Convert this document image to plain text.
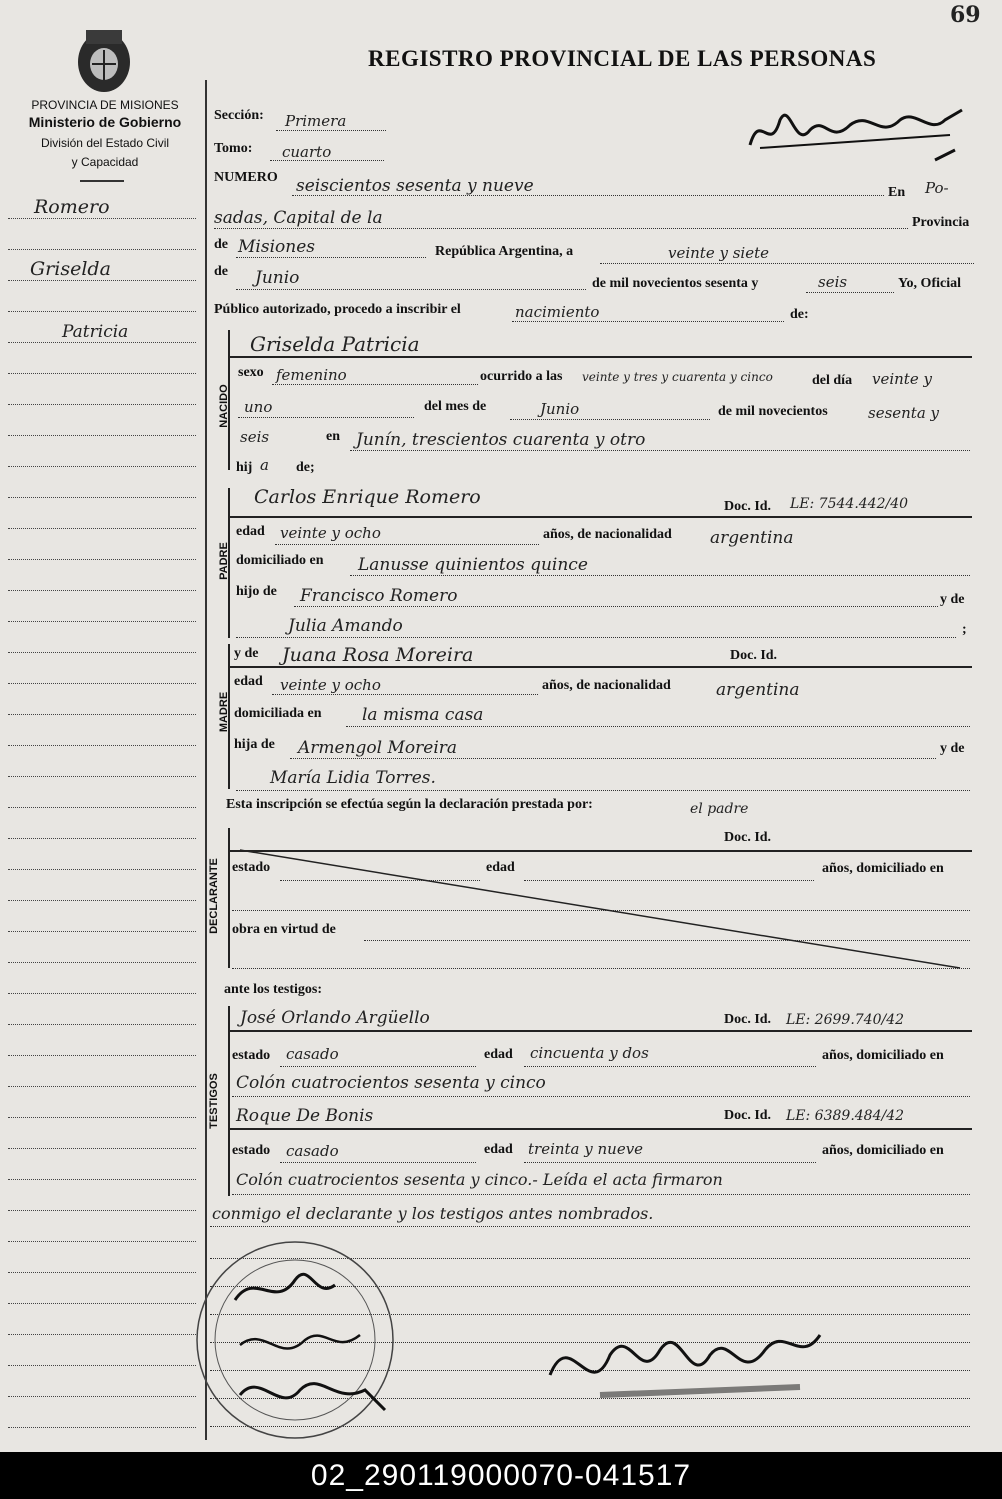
69
REGISTRO PROVINCIAL DE LAS PERSONAS
PROVINCIA DE MISIONES
Ministerio de Gobierno
División del Estado Civil
y Capacidad
Romero
Griselda
Patricia
Sección: Primera
Tomo: cuarto
NUMERO seiscientos sesenta y nueve	En Po-
sadas, Capital de la	Provincia
de Misiones	República Argentina, a	veinte y siete
de Junio	de mil novecientos sesenta y	seis	Yo, Oficial
Público autorizado, procedo a inscribir el	nacimiento	de:
NACIDO
PADRE
MADRE
DECLARANTE
TESTIGOS
Griselda Patricia
sexo femenino	ocurrido a las veinte y tres y cuarenta y cinco	del día veinte y
uno	del mes de	Junio	de mil novecientos	sesenta y
seis	en Junín, trescientos cuarenta y otro
hij a de;
Carlos Enrique Romero	Doc. Id. LE: 7544.442/40
edad veinte y ocho	años, de nacionalidad argentina
domiciliado en Lanusse quinientos quince
hijo de Francisco Romero	y de
Julia Amando	;
y de Juana Rosa Moreira	Doc. Id.
edad veinte y ocho	años, de nacionalidad	argentina
domiciliada en la misma casa
hija de Armengol Moreira	y de
María Lidia Torres.
Esta inscripción se efectúa según la declaración prestada por:	el padre
Doc. Id.
estado	edad	años, domiciliado en
obra en virtud de
ante los testigos:
José Orlando Argüello	Doc. Id. LE: 2699.740/42
estado casado	edad cincuenta y dos	años, domiciliado en
Colón cuatrocientos sesenta y cinco
Roque De Bonis	Doc. Id. LE: 6389.484/42
estado casado	edad treinta y nueve	años, domiciliado en
Colón cuatrocientos sesenta y cinco.- Leída el acta firmaron
conmigo el declarante y los testigos antes nombrados.
02_290119000070-041517
